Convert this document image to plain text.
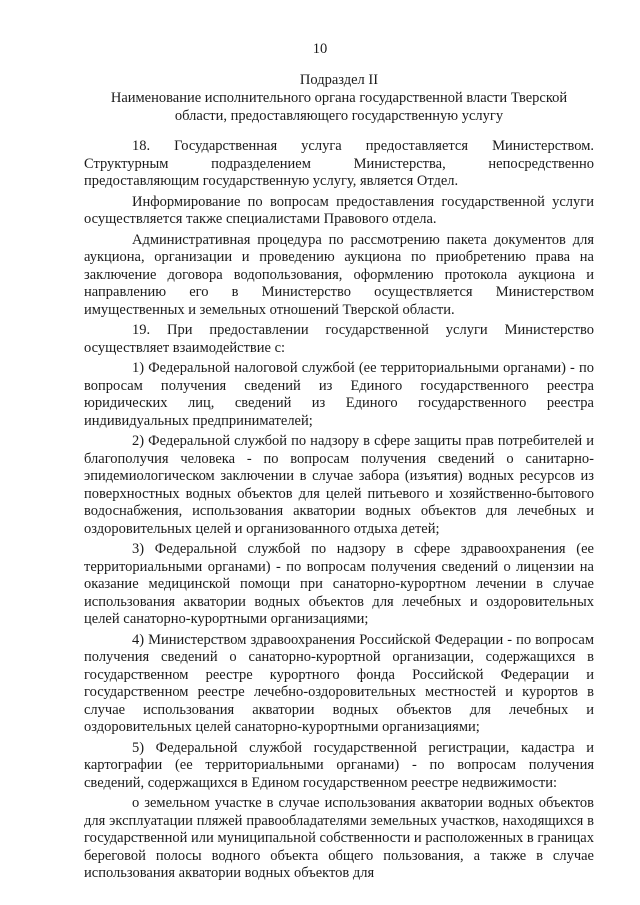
10
Подраздел II
Наименование исполнительного органа государственной власти Тверской
области, предоставляющего государственную услугу

18. Государственная услуга предоставляется Министерством. Структурным подразделением Министерства, непосредственно предоставляющим государственную услугу, является Отдел.

Информирование по вопросам предоставления государственной услуги осуществляется также специалистами Правового отдела.

Административная процедура по рассмотрению пакета документов для аукциона, организации и проведению аукциона по приобретению права на заключение договора водопользования, оформлению протокола аукциона и направлению его в Министерство осуществляется Министерством имущественных и земельных отношений Тверской области.

19. При предоставлении государственной услуги Министерство осуществляет взаимодействие с:

1) Федеральной налоговой службой (ее территориальными органами) - по вопросам получения сведений из Единого государственного реестра юридических лиц, сведений из Единого государственного реестра индивидуальных предпринимателей;

2) Федеральной службой по надзору в сфере защиты прав потребителей и благополучия человека - по вопросам получения сведений о санитарно-эпидемиологическом заключении в случае забора (изъятия) водных ресурсов из поверхностных водных объектов для целей питьевого и хозяйственно-бытового водоснабжения, использования акватории водных объектов для лечебных и оздоровительных целей и организованного отдыха детей;

3) Федеральной службой по надзору в сфере здравоохранения (ее территориальными органами) - по вопросам получения сведений о лицензии на оказание медицинской помощи при санаторно-курортном лечении в случае использования акватории водных объектов для лечебных и оздоровительных целей санаторно-курортными организациями;

4) Министерством здравоохранения Российской Федерации - по вопросам получения сведений о санаторно-курортной организации, содержащихся в государственном реестре курортного фонда Российской Федерации и государственном реестре лечебно-оздоровительных местностей и курортов в случае использования акватории водных объектов для лечебных и оздоровительных целей санаторно-курортными организациями;

5) Федеральной службой государственной регистрации, кадастра и картографии (ее территориальными органами) - по вопросам получения сведений, содержащихся в Едином государственном реестре недвижимости:

о земельном участке в случае использования акватории водных объектов для эксплуатации пляжей правообладателями земельных участков, находящихся в государственной или муниципальной собственности и расположенных в границах береговой полосы водного объекта общего пользования, а также в случае использования акватории водных объектов для
